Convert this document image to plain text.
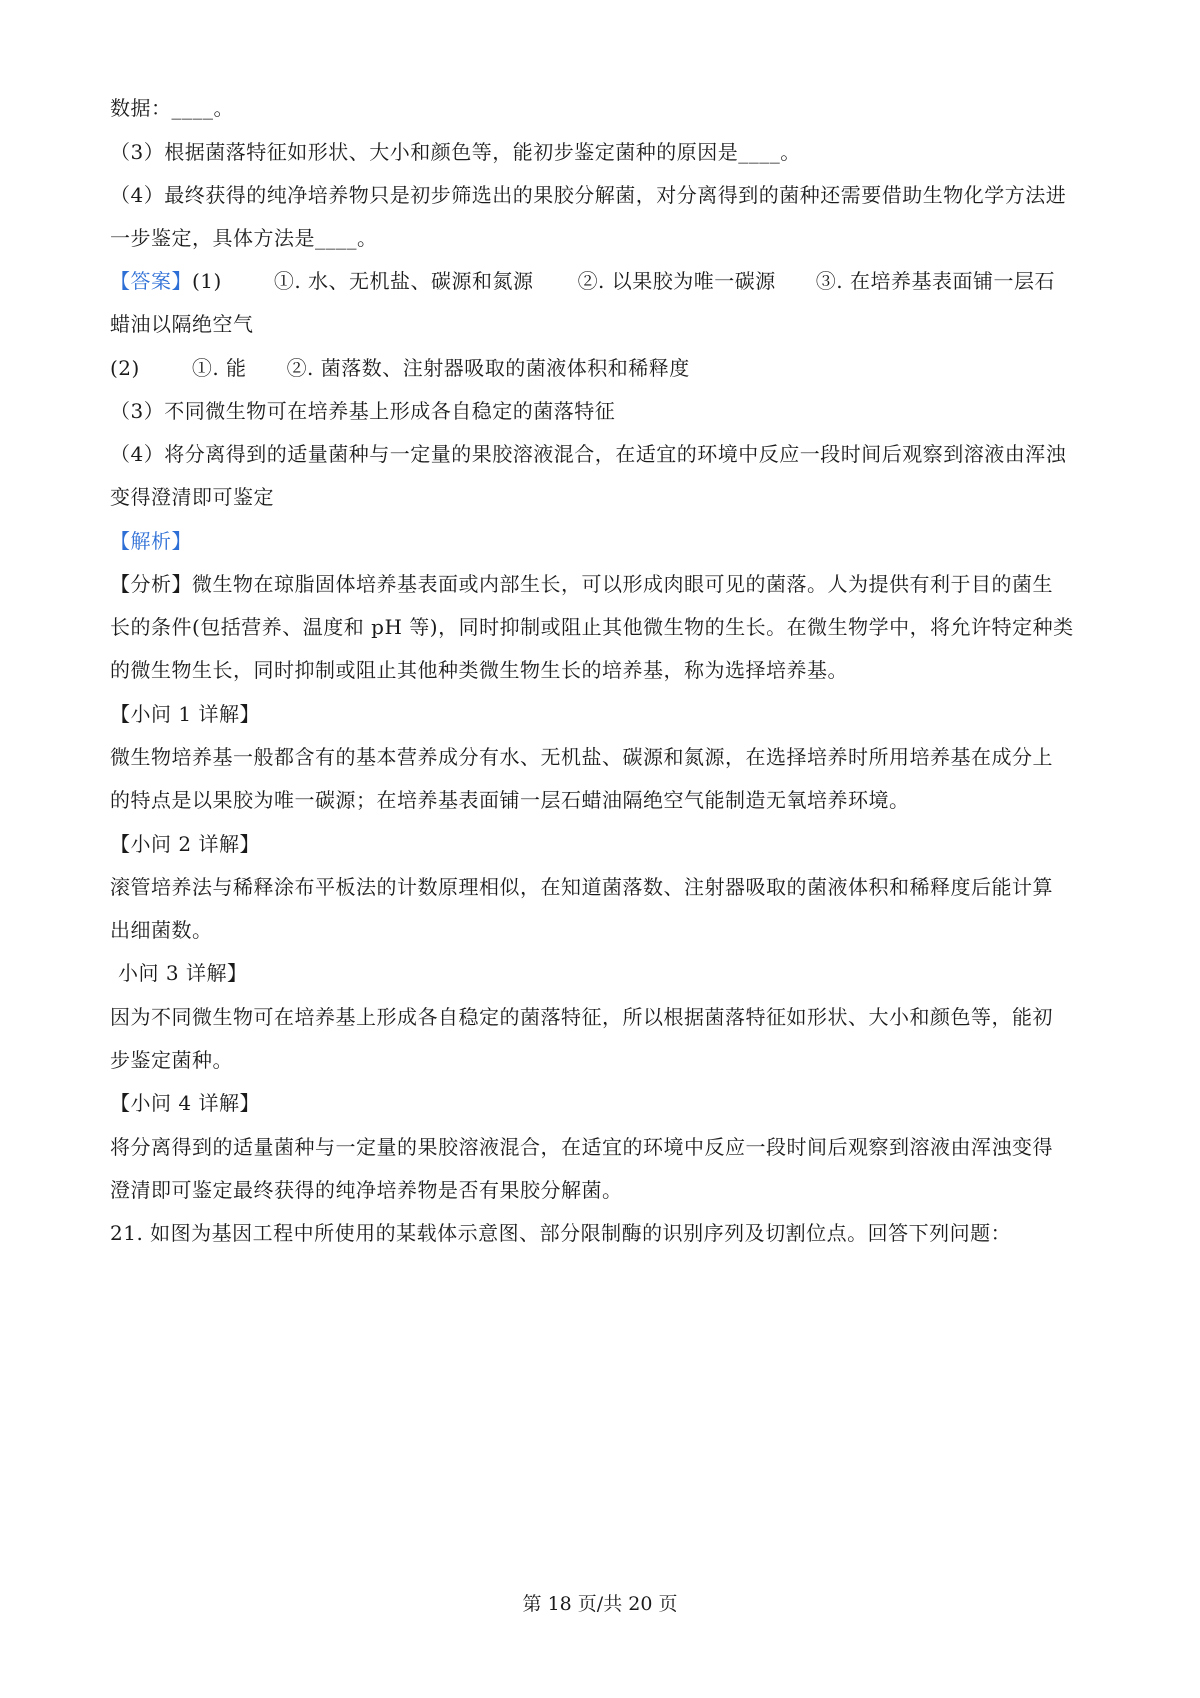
数据：____。
（3）根据菌落特征如形状、大小和颜色等，能初步鉴定菌种的原因是____。
（4）最终获得的纯净培养物只是初步筛选出的果胶分解菌，对分离得到的菌种还需要借助生物化学方法进
一步鉴定，具体方法是____。
【答案】(1)	①. 水、无机盐、碳源和氮源 ②. 以果胶为唯一碳源 ③. 在培养基表面铺一层石
蜡油以隔绝空气
(2)	①. 能 ②. 菌落数、注射器吸取的菌液体积和稀释度
（3）不同微生物可在培养基上形成各自稳定的菌落特征
（4）将分离得到的适量菌种与一定量的果胶溶液混合，在适宜的环境中反应一段时间后观察到溶液由浑浊
变得澄清即可鉴定
【解析】
【分析】微生物在琼脂固体培养基表面或内部生长，可以形成肉眼可见的菌落。人为提供有利于目的菌生
长的条件(包括营养、温度和 pH 等)，同时抑制或阻止其他微生物的生长。在微生物学中，将允许特定种类
的微生物生长，同时抑制或阻止其他种类微生物生长的培养基，称为选择培养基。
【小问 1 详解】
微生物培养基一般都含有的基本营养成分有水、无机盐、碳源和氮源，在选择培养时所用培养基在成分上
的特点是以果胶为唯一碳源；在培养基表面铺一层石蜡油隔绝空气能制造无氧培养环境。
【小问 2 详解】
滚管培养法与稀释涂布平板法的计数原理相似，在知道菌落数、注射器吸取的菌液体积和稀释度后能计算
出细菌数。
小问 3 详解】
因为不同微生物可在培养基上形成各自稳定的菌落特征，所以根据菌落特征如形状、大小和颜色等，能初
步鉴定菌种。
【小问 4 详解】
将分离得到的适量菌种与一定量的果胶溶液混合，在适宜的环境中反应一段时间后观察到溶液由浑浊变得
澄清即可鉴定最终获得的纯净培养物是否有果胶分解菌。
21. 如图为基因工程中所使用的某载体示意图、部分限制酶的识别序列及切割位点。回答下列问题：
第 18 页/共 20 页
